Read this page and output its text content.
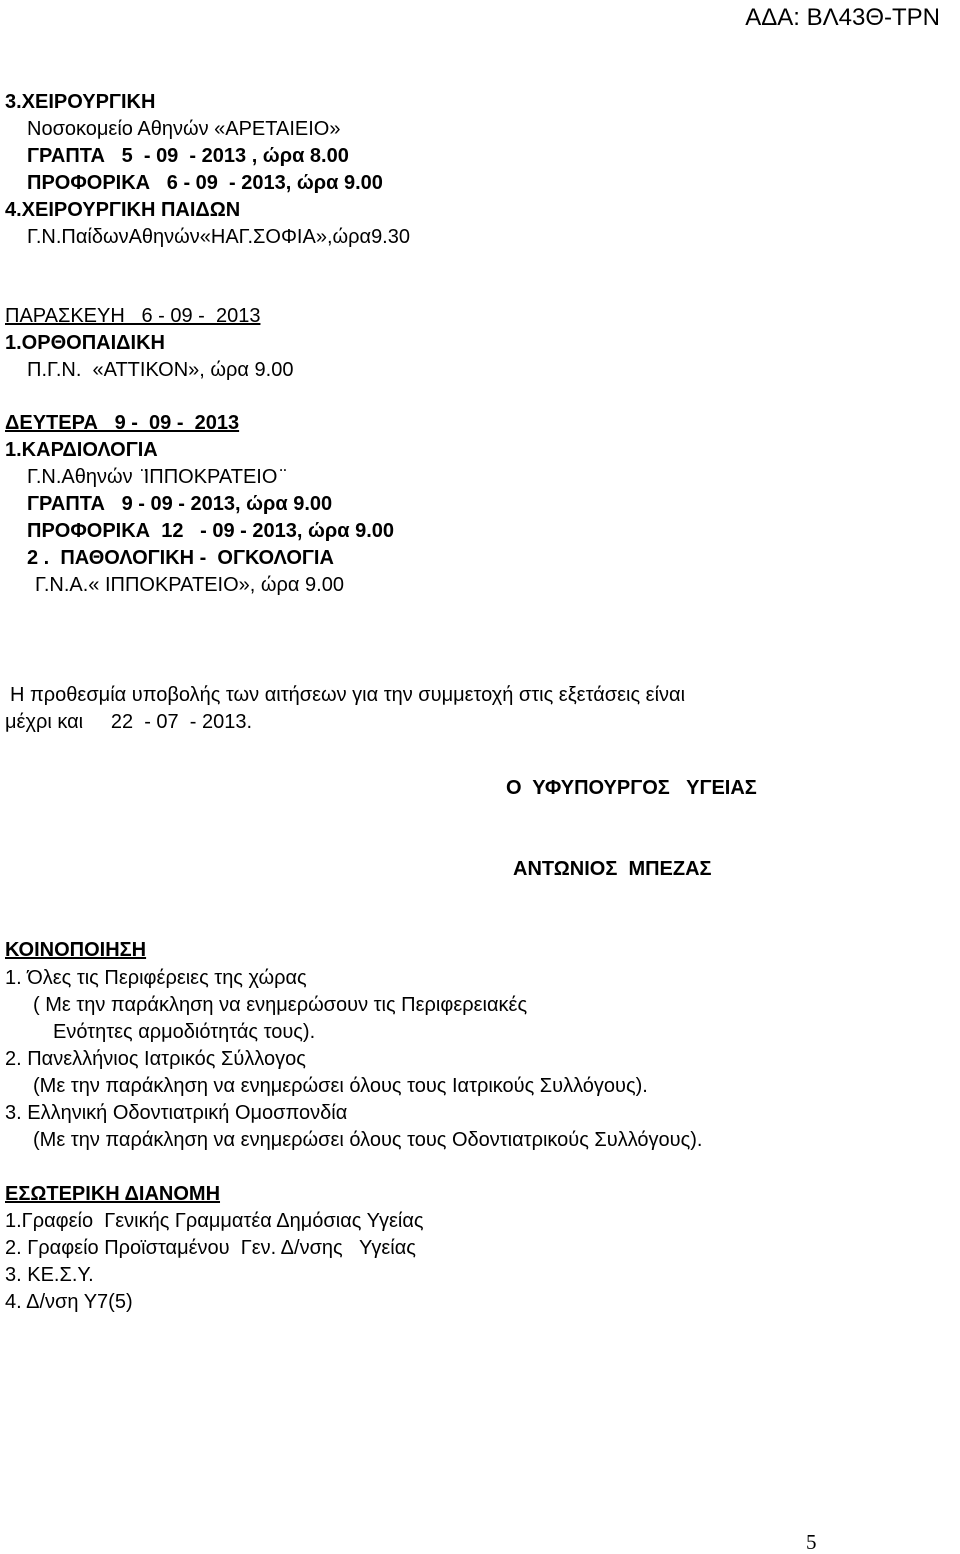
ΑΔΑ: ΒΛ43Θ-ΤΡΝ
3.ΧΕΙΡΟΥΡΓΙΚΗ
Νοσοκομείο Αθηνών «ΑΡΕΤΑΙΕΙΟ»
ΓΡΑΠΤΑ   5  - 09  - 2013 , ώρα 8.00
ΠΡΟΦΟΡΙΚΑ   6 - 09  - 2013, ώρα 9.00
4.ΧΕΙΡΟΥΡΓΙΚΗ ΠΑΙΔΩΝ
Γ.Ν.ΠαίδωνΑθηνών«ΗΑΓ.ΣΟΦΙΑ»,ώρα9.30
ΠΑΡΑΣΚΕΥΗ   6 - 09 -  2013
1.ΟΡΘΟΠΑΙΔΙΚΗ
Π.Γ.Ν.  «ΑΤΤΙΚΟΝ», ώρα 9.00
ΔΕΥΤΕΡΑ   9 -  09 -  2013
1.ΚΑΡΔΙΟΛΟΓΙΑ
Γ.Ν.Αθηνών  ̈ΙΠΠΟΚΡΑΤΕΙΟ ̈
ΓΡΑΠΤΑ   9 - 09 - 2013, ώρα 9.00
ΠΡΟΦΟΡΙΚΑ  12   - 09 - 2013, ώρα 9.00
2 .  ΠΑΘΟΛΟΓΙΚΗ -  ΟΓΚΟΛΟΓΙΑ
Γ.Ν.Α.« ΙΠΠΟΚΡΑΤΕΙΟ», ώρα 9.00
Η προθεσμία υποβολής των αιτήσεων για την συμμετοχή στις εξετάσεις είναι
μέχρι και     22  - 07  - 2013.
Ο  ΥΦΥΠΟΥΡΓΟΣ   ΥΓΕΙΑΣ
ΑΝΤΩΝΙΟΣ  ΜΠΕΖΑΣ
ΚΟΙΝΟΠΟΙΗΣΗ
1. Όλες τις Περιφέρειες της χώρας
( Με την παράκληση να ενημερώσουν τις Περιφερειακές
Ενότητες αρμοδιότητάς τους).
2. Πανελλήνιος Ιατρικός Σύλλογος
(Με την παράκληση να ενημερώσει όλους τους Ιατρικούς Συλλόγους).
3. Ελληνική Οδοντιατρική Ομοσπονδία
(Με την παράκληση να ενημερώσει όλους τους Οδοντιατρικούς Συλλόγους).
ΕΣΩΤΕΡΙΚΗ ΔΙΑΝΟΜΗ
1.Γραφείο  Γενικής Γραμματέα Δημόσιας Υγείας
2. Γραφείο Προϊσταμένου  Γεν. Δ/νσης   Υγείας
3. ΚΕ.Σ.Υ.
4. Δ/νση Υ7(5)
5
